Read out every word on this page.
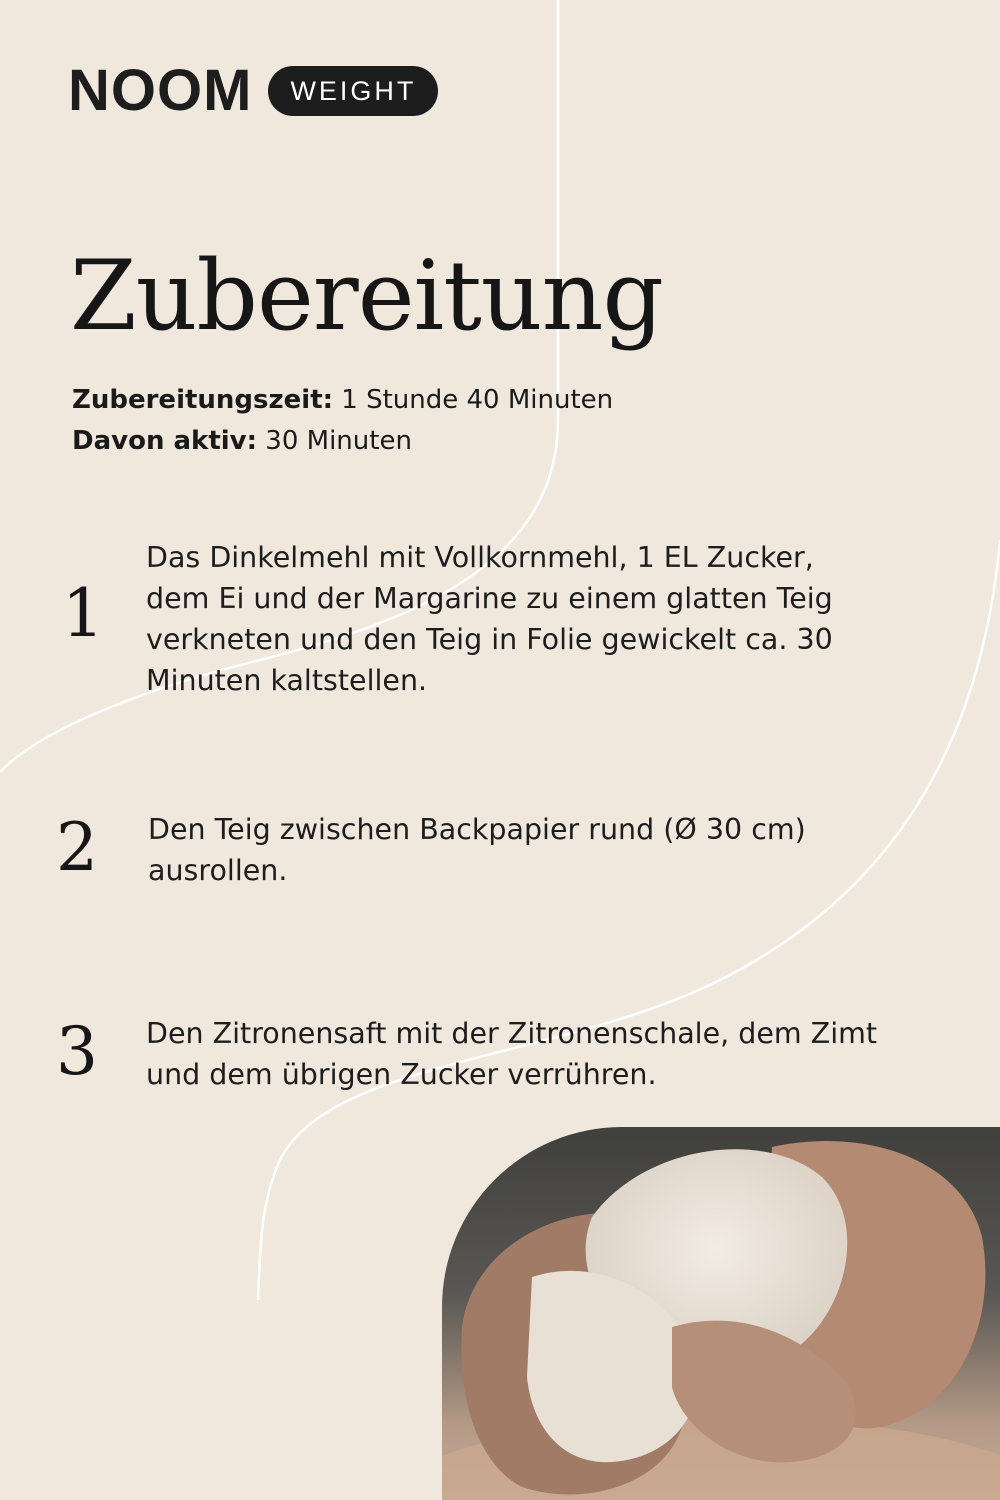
NOOM	WEIGHT
Zubereitung
Zubereitungszeit: 1 Stunde 40 Minuten
Davon aktiv: 30 Minuten
1
Das Dinkelmehl mit Vollkornmehl, 1 EL Zucker, dem Ei und der Margarine zu einem glatten Teig verkneten und den Teig in Folie gewickelt ca. 30 Minuten kaltstellen.
2 Den Teig zwischen Backpapier rund (Ø 30 cm) ausrollen.
3 Den Zitronensaft mit der Zitronenschale, dem Zimt und dem übrigen Zucker verrühren.
